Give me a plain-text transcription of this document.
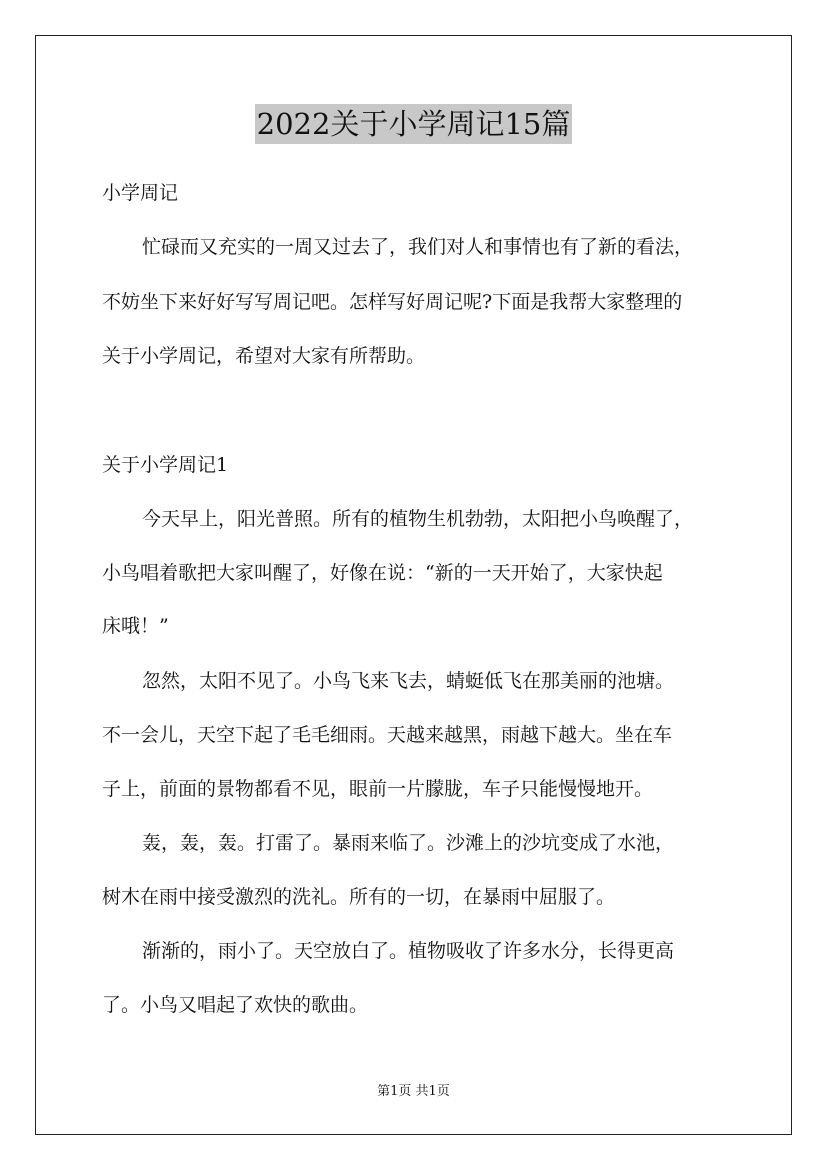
2022关于小学周记15篇

小学周记

忙碌而又充实的一周又过去了，我们对人和事情也有了新的看法，

不妨坐下来好好写写周记吧。怎样写好周记呢?下面是我帮大家整理的

关于小学周记，希望对大家有所帮助。

关于小学周记1

今天早上，阳光普照。所有的植物生机勃勃，太阳把小鸟唤醒了，

小鸟唱着歌把大家叫醒了，好像在说：“新的一天开始了，大家快起

床哦！”

忽然，太阳不见了。小鸟飞来飞去，蜻蜓低飞在那美丽的池塘。

不一会儿，天空下起了毛毛细雨。天越来越黑，雨越下越大。坐在车

子上，前面的景物都看不见，眼前一片朦胧，车子只能慢慢地开。

轰，轰，轰。打雷了。暴雨来临了。沙滩上的沙坑变成了水池，

树木在雨中接受激烈的洗礼。所有的一切，在暴雨中屈服了。

渐渐的，雨小了。天空放白了。植物吸收了许多水分，长得更高

了。小鸟又唱起了欢快的歌曲。

第1页 共1页
